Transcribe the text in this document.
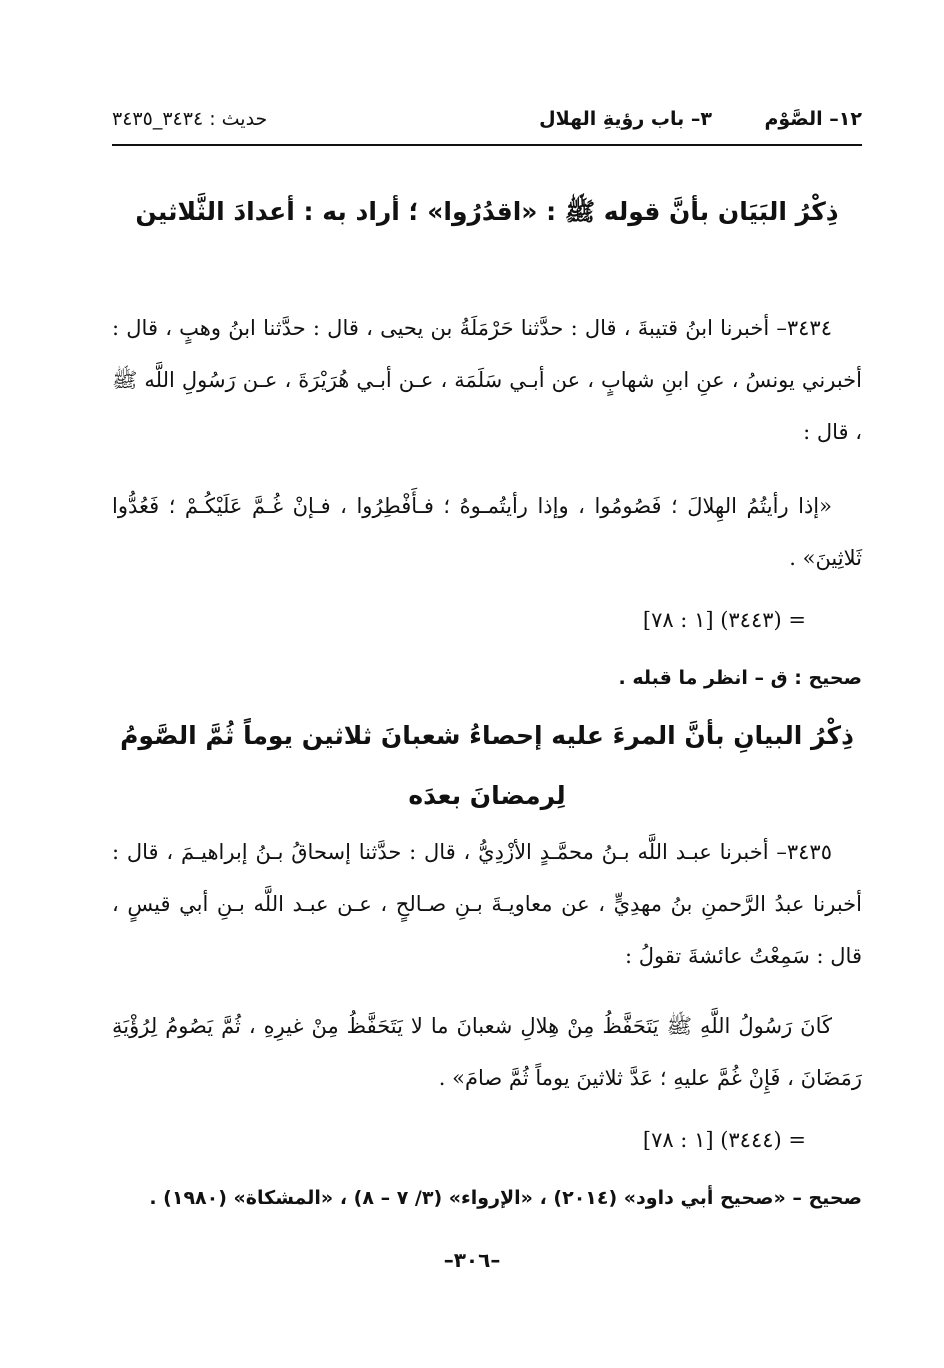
١٢– الصَّوْم
٣– باب رؤيةِ الهلال
حديث : ٣٤٣٤_٣٤٣٥
ذِكْرُ البَيَان بأنَّ قوله ﷺ : «اقدُرُوا» ؛ أراد به : أعدادَ الثَّلاثين
٣٤٣٤– أخبرنا ابنُ قتيبةَ ، قال : حدَّثنا حَرْمَلَةُ بن يحيى ، قال : حدَّثنا ابنُ وهبٍ ، قال : أخبرني يونسُ ، عنِ ابنِ شهابٍ ، عن أبـي سَلَمَة ، عـن أبـي هُرَيْرَةَ ، عـن رَسُولِ اللَّه ﷺ ، قال :
«إذا رأيتُمُ الهِلالَ ؛ فَصُومُوا ، وإذا رأيتُمـوهُ ؛ فـأَفْطِرُوا ، فـإنْ غُـمَّ عَلَيْكُـمْ ؛ فَعُدُّوا ثَلاثِينَ» .
= (٣٤٤٣) [١ : ٧٨]
صحيح : ق – انظر ما قبله .
ذِكْرُ البيانِ بأنَّ المرءَ عليه إحصاءُ شعبانَ ثلاثين يوماً ثُمَّ الصَّومُ لِرمضانَ بعدَه
٣٤٣٥– أخبرنا عبـد اللَّه بـنُ محمَّـدٍ الأزْدِيُّ ، قال : حدَّثنا إسحاقُ بـنُ إبراهيـمَ ، قال : أخبرنا عبدُ الرَّحمنِ بنُ مهدِيٍّ ، عن معاويـةَ بـنِ صـالحٍ ، عـن عبـد اللَّه بـنِ أبي قيسٍ ، قال : سَمِعْتُ عائشةَ تقولُ :
كَانَ رَسُولُ اللَّهِ ﷺ يَتَحَفَّظُ مِنْ هِلالِ شعبانَ ما لا يَتَحَفَّظُ مِنْ غيرِهِ ، ثُمَّ يَصُومُ لِرُؤْيَةِ رَمَضَانَ ، فَإِنْ غُمَّ عليهِ ؛ عَدَّ ثلاثينَ يوماً ثُمَّ صامَ» .
= (٣٤٤٤) [١ : ٧٨]
صحيح – «صحيح أبي داود» (٢٠١٤) ، «الإرواء» (٣/ ٧ – ٨) ، «المشكاة» (١٩٨٠) .
–٣٠٦–
